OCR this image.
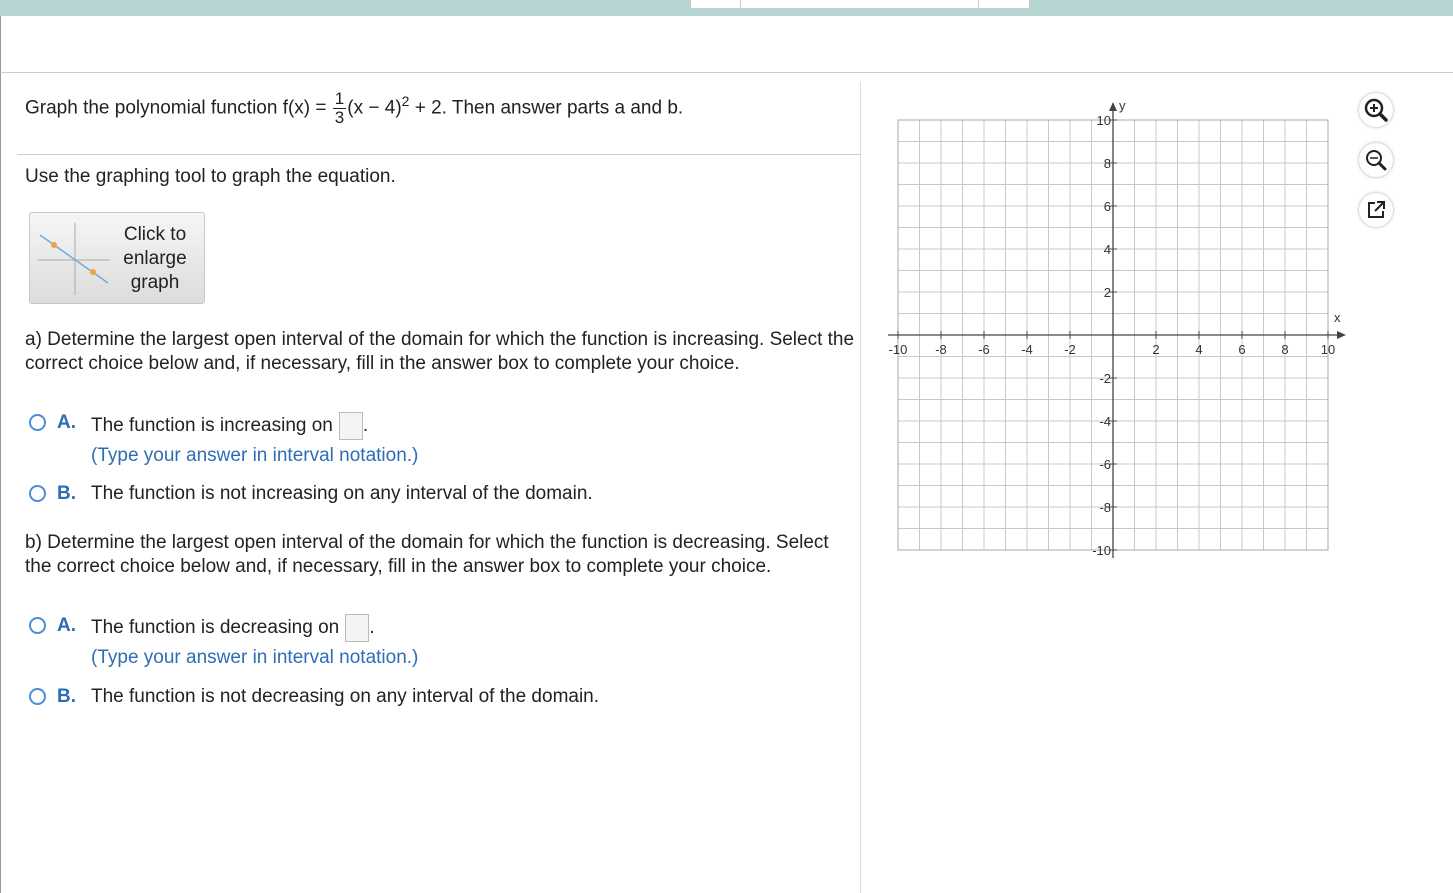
Graph the polynomial function $f(x) = \frac{1}{3} (x - 4)^2 + 2$. Then answer parts a and b.
Use the graphing tool to graph the equation.
Click to
enlarge
graph
a) Determine the largest open interval of the domain for which the function is increasing. Select the correct choice below and, if necessary, fill in the answer box to complete your choice.
A. The function is increasing on .
(Type your answer in interval notation.)
B. The function is not increasing on any interval of the domain.
b) Determine the largest open interval of the domain for which the function is decreasing. Select the correct choice below and, if necessary, fill in the answer box to complete your choice.
A. The function is decreasing on .
(Type your answer in interval notation.)
B. The function is not decreasing on any interval of the domain.
x
y
-10 -8 -6 -4 -2	2	4	6	8 10
10
8
6
4
2
-2
-4
-6
-8
-10
